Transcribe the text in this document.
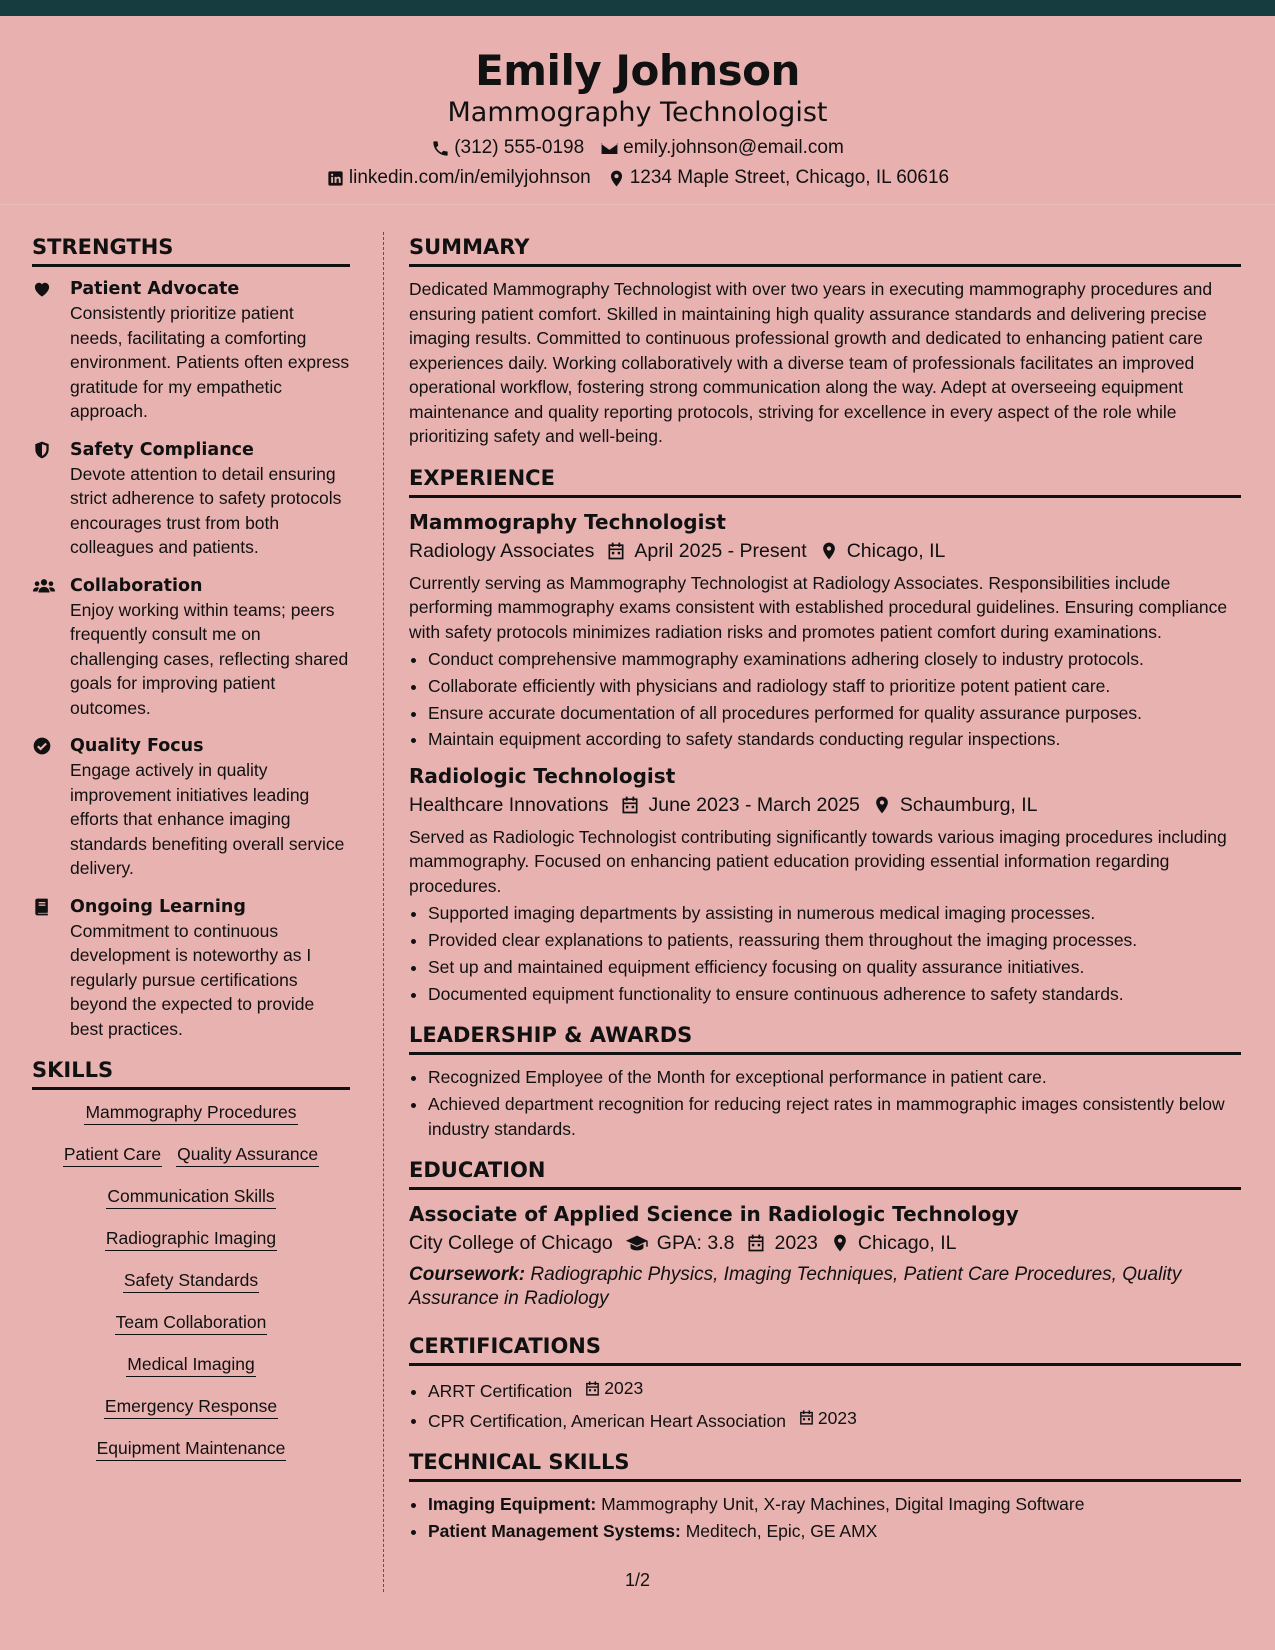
Emily Johnson
Mammography Technologist
(312) 555-0198 emily.johnson@email.com
linkedin.com/in/emilyjohnson 1234 Maple Street, Chicago, IL 60616
STRENGTHS
Patient Advocate
Consistently prioritize patient needs, facilitating a comforting environment. Patients often express gratitude for my empathetic approach.
Safety Compliance
Devote attention to detail ensuring strict adherence to safety protocols encourages trust from both colleagues and patients.
Collaboration
Enjoy working within teams; peers frequently consult me on challenging cases, reflecting shared goals for improving patient outcomes.
Quality Focus
Engage actively in quality improvement initiatives leading efforts that enhance imaging standards benefiting overall service delivery.
Ongoing Learning
Commitment to continuous development is noteworthy as I regularly pursue certifications beyond the expected to provide best practices.
SKILLS
Mammography Procedures
Patient Care Quality Assurance
Communication Skills
Radiographic Imaging
Safety Standards
Team Collaboration
Medical Imaging
Emergency Response
Equipment Maintenance
SUMMARY

Dedicated Mammography Technologist with over two years in executing mammography procedures and ensuring patient comfort. Skilled in maintaining high quality assurance standards and delivering precise imaging results. Committed to continuous professional growth and dedicated to enhancing patient care experiences daily. Working collaboratively with a diverse team of professionals facilitates an improved operational workflow, fostering strong communication along the way. Adept at overseeing equipment maintenance and quality reporting protocols, striving for excellence in every aspect of the role while prioritizing safety and well-being.

EXPERIENCE
Mammography Technologist
Radiology Associates April 2025 - Present Chicago, IL

Currently serving as Mammography Technologist at Radiology Associates. Responsibilities include performing mammography exams consistent with established procedural guidelines. Ensuring compliance with safety protocols minimizes radiation risks and promotes patient comfort during examinations.

• Conduct comprehensive mammography examinations adhering closely to industry protocols.
• Collaborate efficiently with physicians and radiology staff to prioritize potent patient care.
• Ensure accurate documentation of all procedures performed for quality assurance purposes.
• Maintain equipment according to safety standards conducting regular inspections.
Radiologic Technologist
Healthcare Innovations June 2023 - March 2025 Schaumburg, IL

Served as Radiologic Technologist contributing significantly towards various imaging procedures including mammography. Focused on enhancing patient education providing essential information regarding procedures.

• Supported imaging departments by assisting in numerous medical imaging processes.
• Provided clear explanations to patients, reassuring them throughout the imaging processes.
• Set up and maintained equipment efficiency focusing on quality assurance initiatives.
• Documented equipment functionality to ensure continuous adherence to safety standards.
LEADERSHIP & AWARDS
• Recognized Employee of the Month for exceptional performance in patient care.
• Achieved department recognition for reducing reject rates in mammographic images consistently below industry standards.
EDUCATION
Associate of Applied Science in Radiologic Technology
City College of Chicago GPA: 3.8 2023 Chicago, IL
Coursework: Radiographic Physics, Imaging Techniques, Patient Care Procedures, Quality Assurance in Radiology
CERTIFICATIONS
• ARRT Certification 2023
• CPR Certification, American Heart Association 2023
TECHNICAL SKILLS
• Imaging Equipment: Mammography Unit, X-ray Machines, Digital Imaging Software
• Patient Management Systems: Meditech, Epic, GE AMX
1/2
